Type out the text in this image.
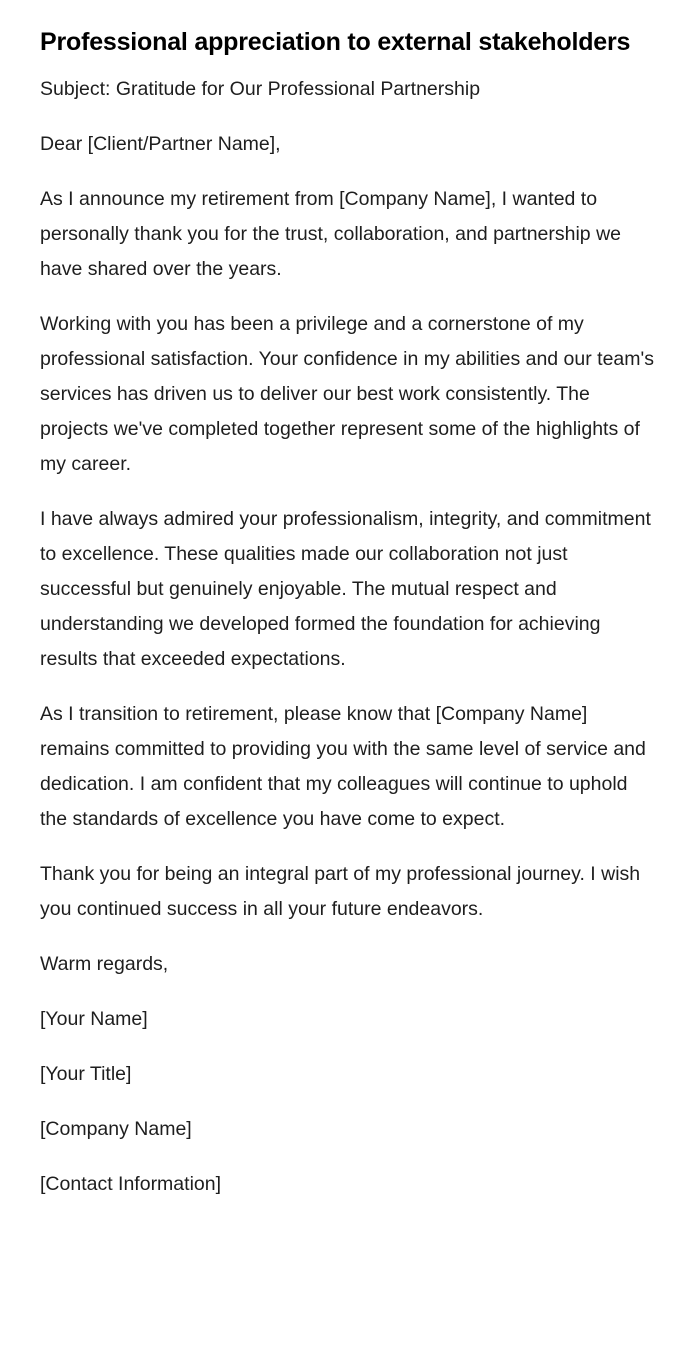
Professional appreciation to external stakeholders

Subject: Gratitude for Our Professional Partnership

Dear [Client/Partner Name],

As I announce my retirement from [Company Name], I wanted to personally thank you for the trust, collaboration, and partnership we have shared over the years.

Working with you has been a privilege and a cornerstone of my professional satisfaction. Your confidence in my abilities and our team's services has driven us to deliver our best work consistently. The projects we've completed together represent some of the highlights of my career.

I have always admired your professionalism, integrity, and commitment to excellence. These qualities made our collaboration not just successful but genuinely enjoyable. The mutual respect and understanding we developed formed the foundation for achieving results that exceeded expectations.

As I transition to retirement, please know that [Company Name] remains committed to providing you with the same level of service and dedication. I am confident that my colleagues will continue to uphold the standards of excellence you have come to expect.

Thank you for being an integral part of my professional journey. I wish you continued success in all your future endeavors.

Warm regards,

[Your Name]

[Your Title]

[Company Name]

[Contact Information]
